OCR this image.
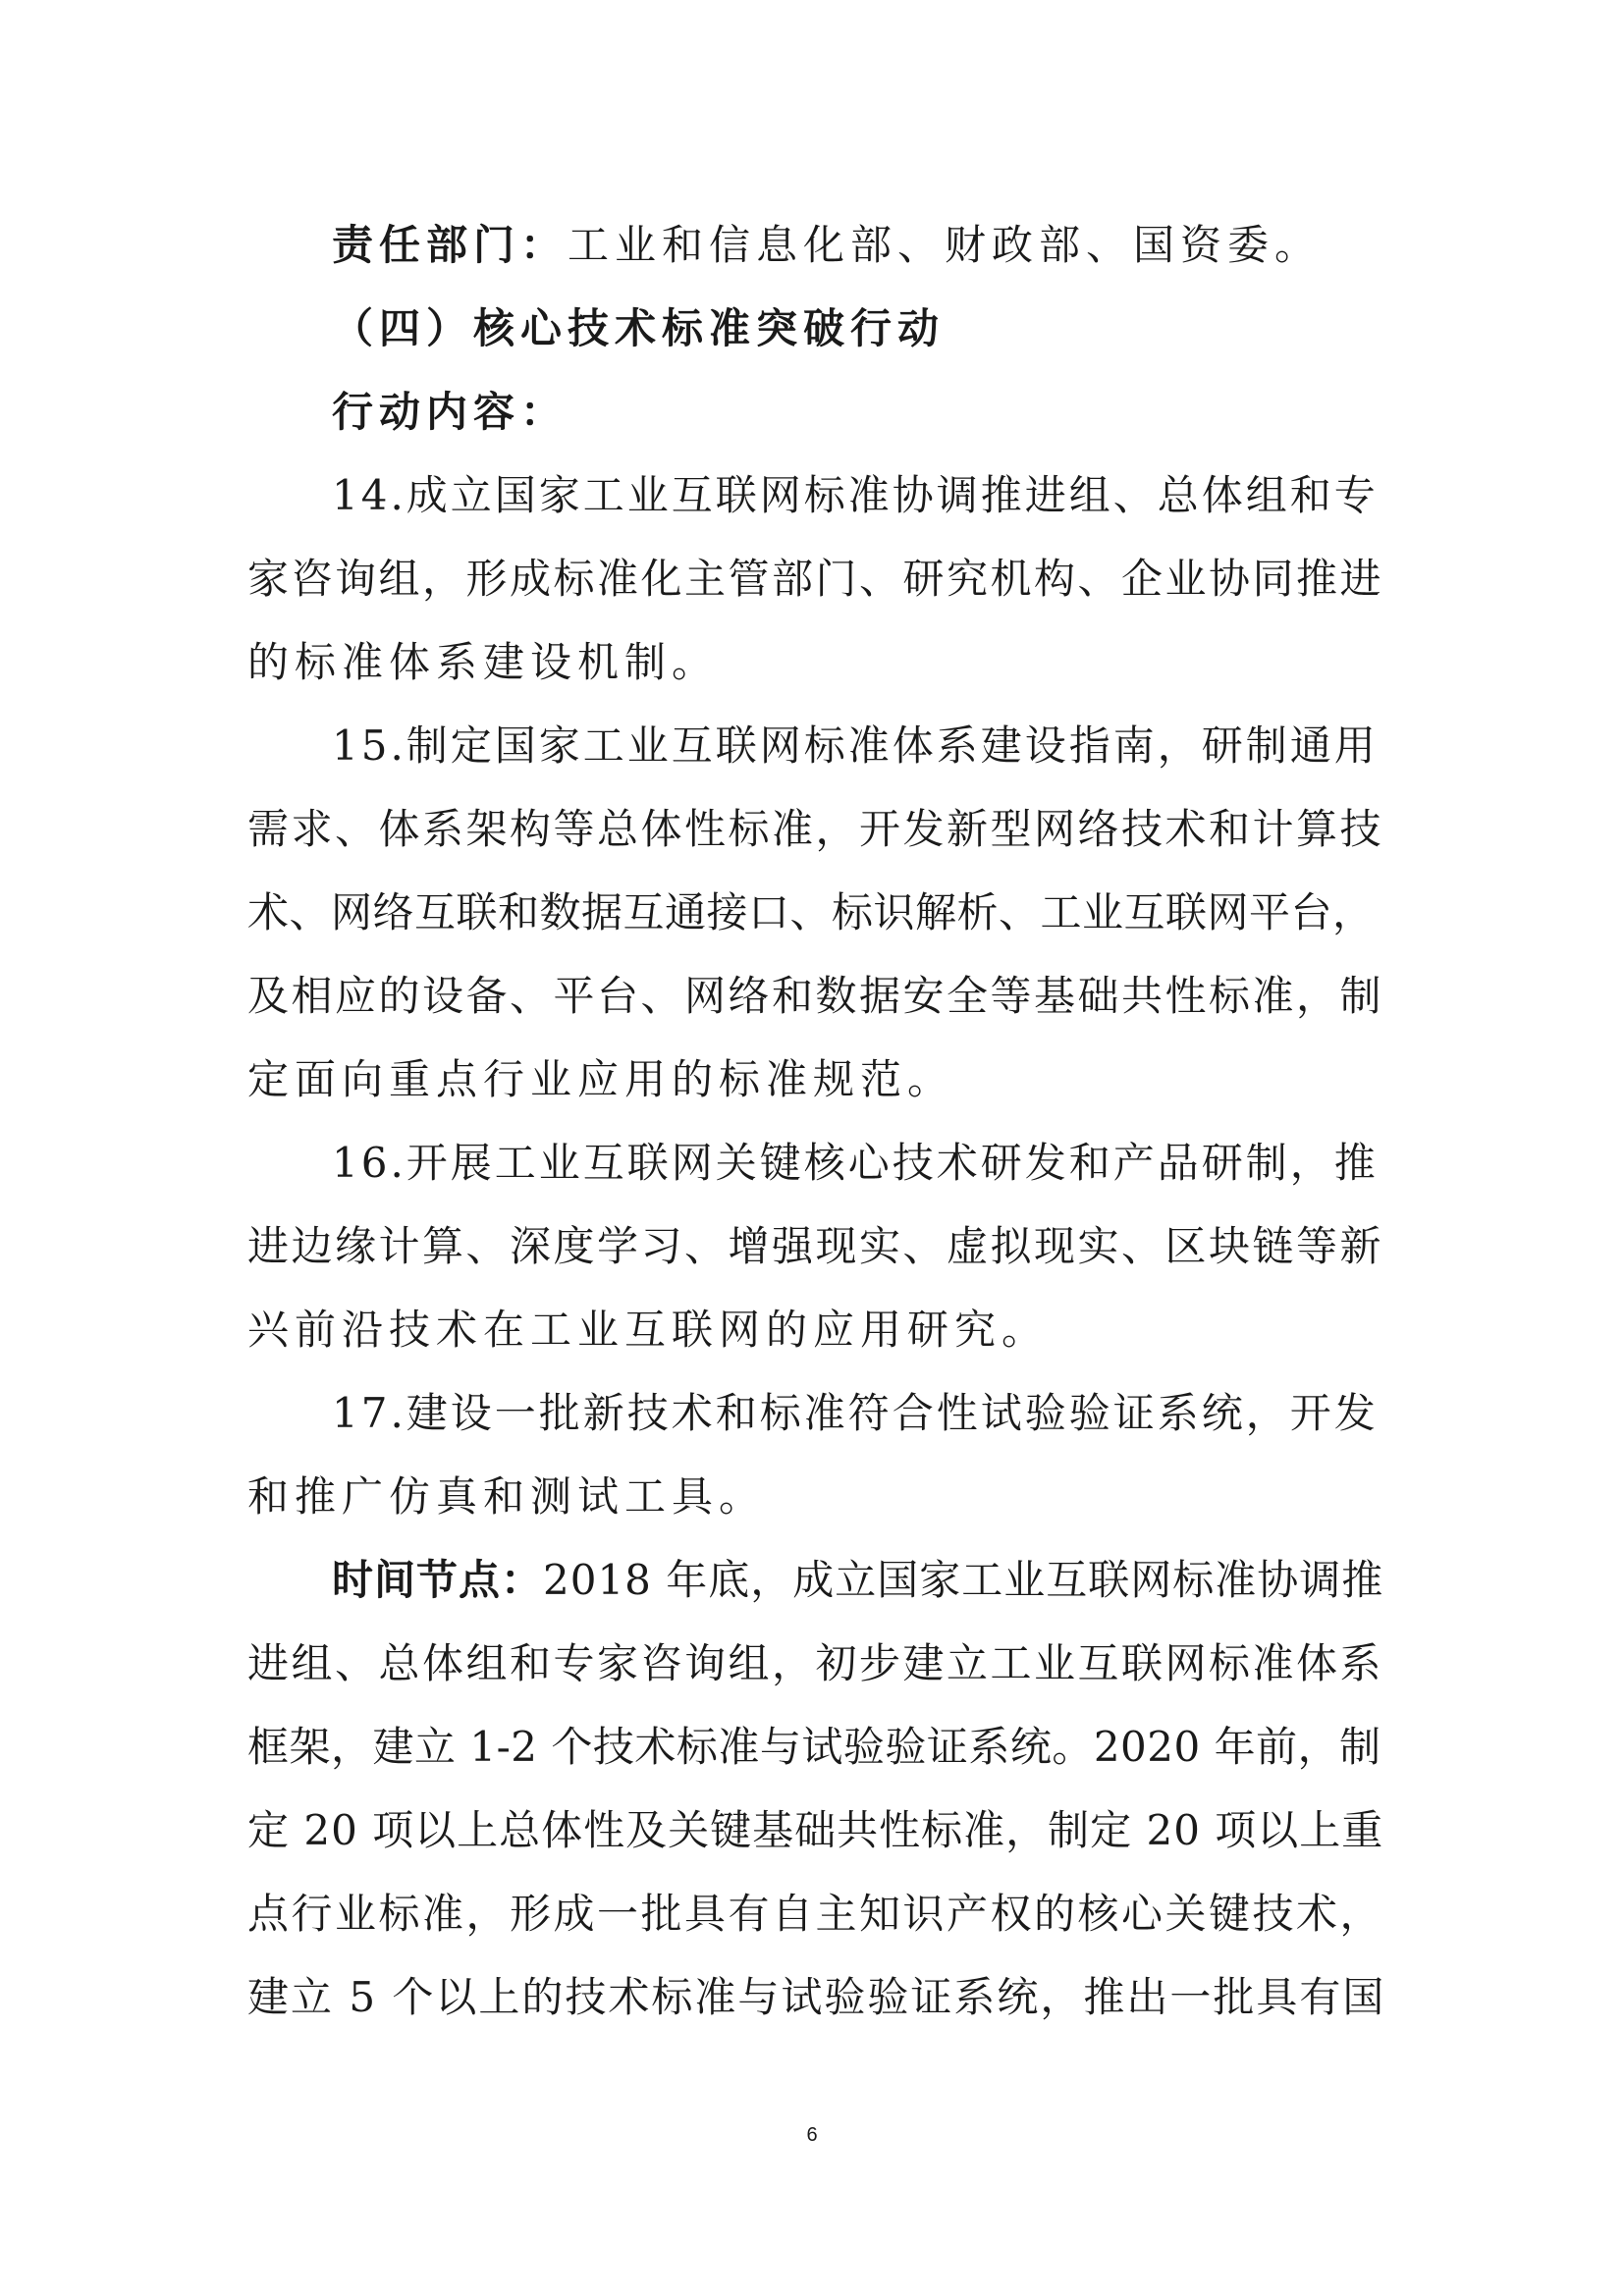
责任部门：工业和信息化部、财政部、国资委。
（四）核心技术标准突破行动
行动内容：
14.成立国家工业互联网标准协调推进组、总体组和专
家咨询组，形成标准化主管部门、研究机构、企业协同推进
的标准体系建设机制。
15.制定国家工业互联网标准体系建设指南，研制通用
需求、体系架构等总体性标准，开发新型网络技术和计算技
术、网络互联和数据互通接口、标识解析、工业互联网平台，
及相应的设备、平台、网络和数据安全等基础共性标准，制
定面向重点行业应用的标准规范。
16.开展工业互联网关键核心技术研发和产品研制，推
进边缘计算、深度学习、增强现实、虚拟现实、区块链等新
兴前沿技术在工业互联网的应用研究。
17.建设一批新技术和标准符合性试验验证系统，开发
和推广仿真和测试工具。
时间节点：2018 年底，成立国家工业互联网标准协调推
进组、总体组和专家咨询组，初步建立工业互联网标准体系
框架，建立 1-2 个技术标准与试验验证系统。2020 年前，制
定 20 项以上总体性及关键基础共性标准，制定 20 项以上重
点行业标准，形成一批具有自主知识产权的核心关键技术，
建立 5 个以上的技术标准与试验验证系统，推出一批具有国
6
